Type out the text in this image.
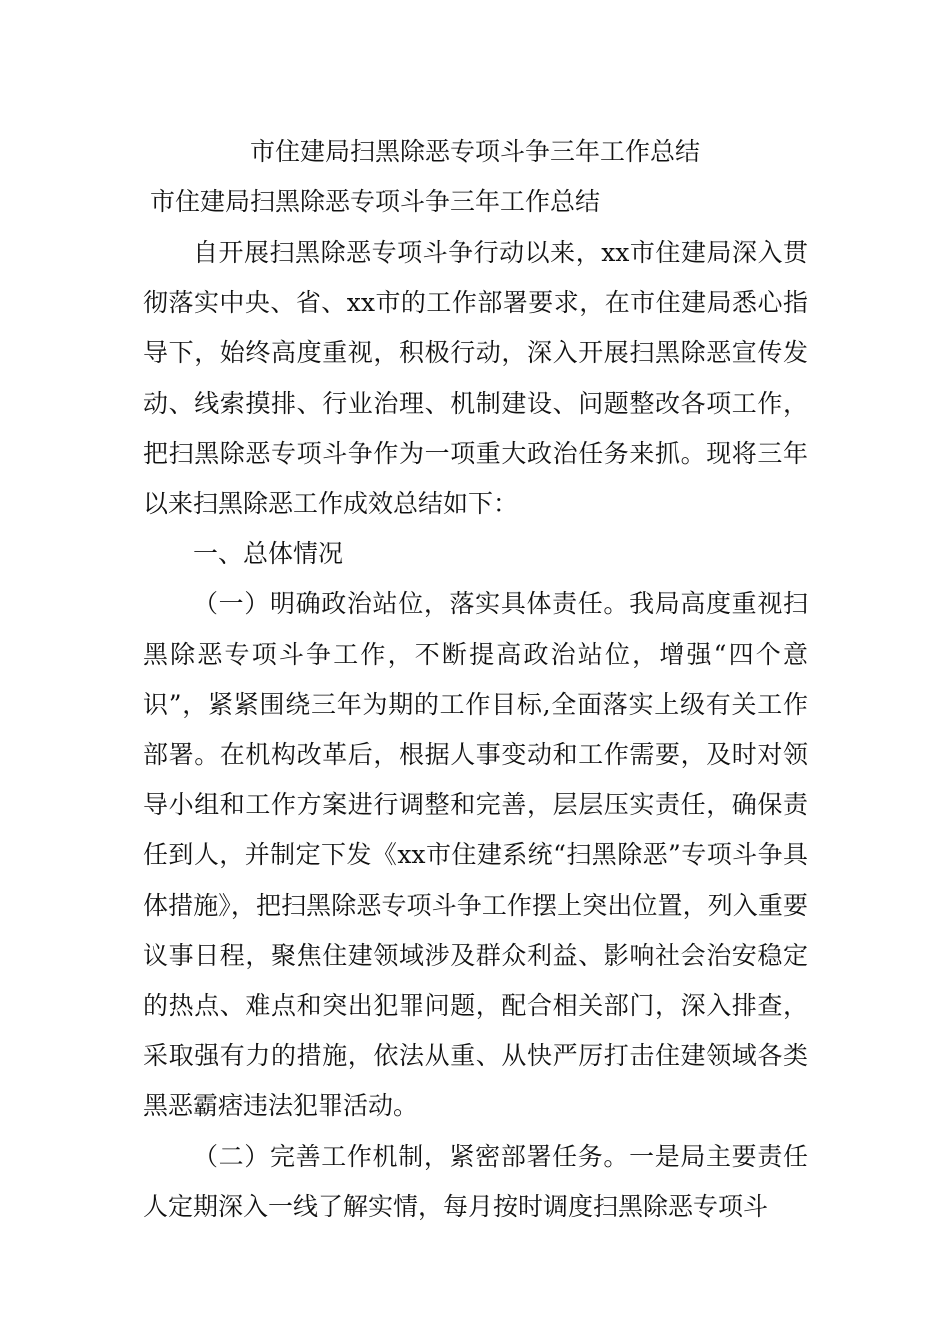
市住建局扫黑除恶专项斗争三年工作总结
市住建局扫黑除恶专项斗争三年工作总结

自开展扫黑除恶专项斗争行动以来，xx市住建局深入贯彻落实中央、省、xx市的工作部署要求，在市住建局悉心指导下，始终高度重视，积极行动，深入开展扫黑除恶宣传发动、线索摸排、行业治理、机制建设、问题整改各项工作，把扫黑除恶专项斗争作为一项重大政治任务来抓。现将三年以来扫黑除恶工作成效总结如下：

一、总体情况

（一）明确政治站位，落实具体责任。我局高度重视扫黑除恶专项斗争工作，不断提高政治站位，增强“四个意识”，紧紧围绕三年为期的工作目标,全面落实上级有关工作部署。在机构改革后，根据人事变动和工作需要，及时对领导小组和工作方案进行调整和完善，层层压实责任，确保责任到人，并制定下发《xx市住建系统“扫黑除恶”专项斗争具体措施》，把扫黑除恶专项斗争工作摆上突出位置，列入重要议事日程，聚焦住建领域涉及群众利益、影响社会治安稳定的热点、难点和突出犯罪问题，配合相关部门，深入排查，采取强有力的措施，依法从重、从快严厉打击住建领域各类黑恶霸痞违法犯罪活动。

（二）完善工作机制，紧密部署任务。一是局主要责任人定期深入一线了解实情，每月按时调度扫黑除恶专项斗
